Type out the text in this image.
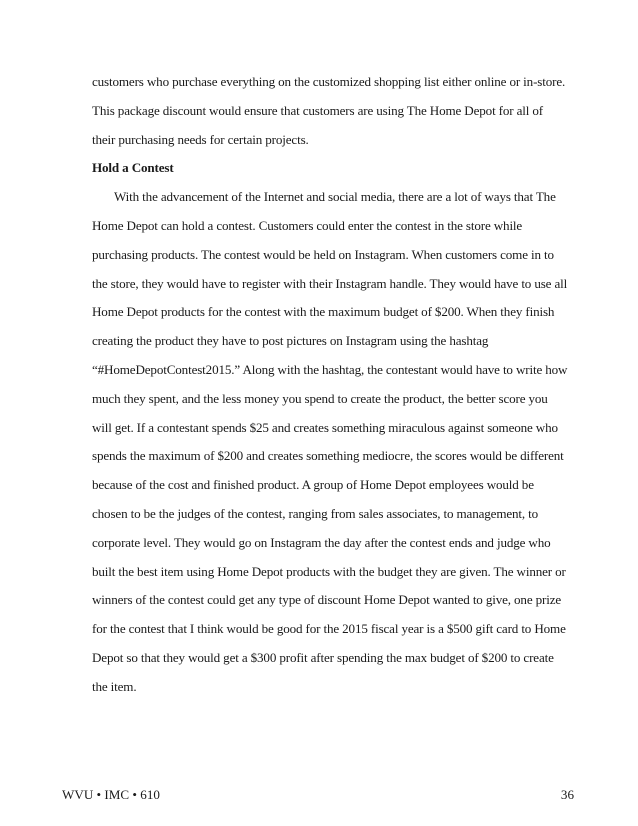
customers who purchase everything on the customized shopping list either online or in-store.
This package discount would ensure that customers are using The Home Depot for all of
their purchasing needs for certain projects.
Hold a Contest
With the advancement of the Internet and social media, there are a lot of ways that The
Home Depot can hold a contest. Customers could enter the contest in the store while
purchasing products. The contest would be held on Instagram. When customers come in to
the store, they would have to register with their Instagram handle. They would have to use all
Home Depot products for the contest with the maximum budget of $200. When they finish
creating the product they have to post pictures on Instagram using the hashtag
“#HomeDepotContest2015.” Along with the hashtag, the contestant would have to write how
much they spent, and the less money you spend to create the product, the better score you
will get. If a contestant spends $25 and creates something miraculous against someone who
spends the maximum of $200 and creates something mediocre, the scores would be different
because of the cost and finished product. A group of Home Depot employees would be
chosen to be the judges of the contest, ranging from sales associates, to management, to
corporate level. They would go on Instagram the day after the contest ends and judge who
built the best item using Home Depot products with the budget they are given. The winner or
winners of the contest could get any type of discount Home Depot wanted to give, one prize
for the contest that I think would be good for the 2015 fiscal year is a $500 gift card to Home
Depot so that they would get a $300 profit after spending the max budget of $200 to create
the item.
WVU • IMC • 610	36
